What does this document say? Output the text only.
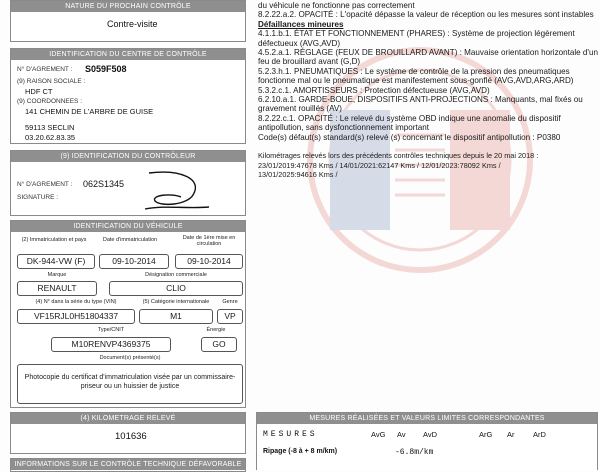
NATURE DU PROCHAIN CONTRÔLE
Contre-visite
IDENTIFICATION DU CENTRE DE CONTRÔLE
N° D'AGREMENT : S059F508
(9) RAISON SOCIALE :
HDF CT
(9) COORDONNEES :
141 CHEMIN DE L'ARBRE DE GUISE
59113 SECLIN
03.20.62.83.35
(9) IDENTIFICATION DU CONTRÔLEUR
N° D'AGREMENT : 062S1345
SIGNATURE :
IDENTIFICATION DU VÉHICULE
(2) Immatriculation et pays	Date d'immatriculation	Date de 1ère mise en circulation
DK-944-VW (F)	09-10-2014	09-10-2014
Marque	Désignation commerciale
RENAULT	CLIO
(4) N° dans la série du type (VIN)	(5) Catégorie internationale	Genre
VF15RJL0H51804337	M1	VP
Type/CNIT	Énergie
M10RENVP4369375	GO
Document(s) présenté(s)
Photocopie du certificat d'immatriculation visée par un commissaire-priseur ou un huissier de justice
(4) KILOMETRAGE RELEVÉ
101636
INFORMATIONS SUR LE CONTRÔLE TECHNIQUE DÉFAVORABLE

du véhicule ne fonctionne pas correctement

8.2.22.a.2. OPACITÉ : L'opacité dépasse la valeur de réception ou les mesures sont instables

Défaillances mineures

4.1.1.b.1. ÉTAT ET FONCTIONNEMENT (PHARES) : Système de projection légèrement défectueux (AVG,AVD)

4.5.2.a.1. RÉGLAGE (FEUX DE BROUILLARD AVANT) : Mauvaise orientation horizontale d'un feu de brouillard avant (G,D)

5.2.3.h.1. PNEUMATIQUES : Le système de contrôle de la pression des pneumatiques fonctionne mal ou le pneumatique est manifestement sous-gonflé (AVG,AVD,ARG,ARD)

5.3.2.c.1. AMORTISSEURS : Protection défectueuse (AVG,AVD)

6.2.10.a.1. GARDE-BOUE, DISPOSITIFS ANTI-PROJECTIONS : Manquants, mal fixés ou gravement rouillés (AV)

8.2.22.c.1. OPACITÉ : Le relevé du système OBD indique une anomalie du dispositif antipollution, sans dysfonctionnement important

Code(s) défaut(s) standard(s) relevé (s) concernant le dispositif antipollution : P0380

Kilométrages relevés lors des précédents contrôles techniques depuis le 20 mai 2018 :

23/01/2019:47678 Kms / 14/01/2021:62147 Kms / 12/01/2023:78092 Kms /

13/01/2025:94616 Kms /

MESURES RÉALISÉES ET VALEURS LIMITES CORRESPONDANTES
MESURES	AvG Av AvD	ArG Ar ArD
Ripage (-8 à + 8 m/km)	-6.8m/km
